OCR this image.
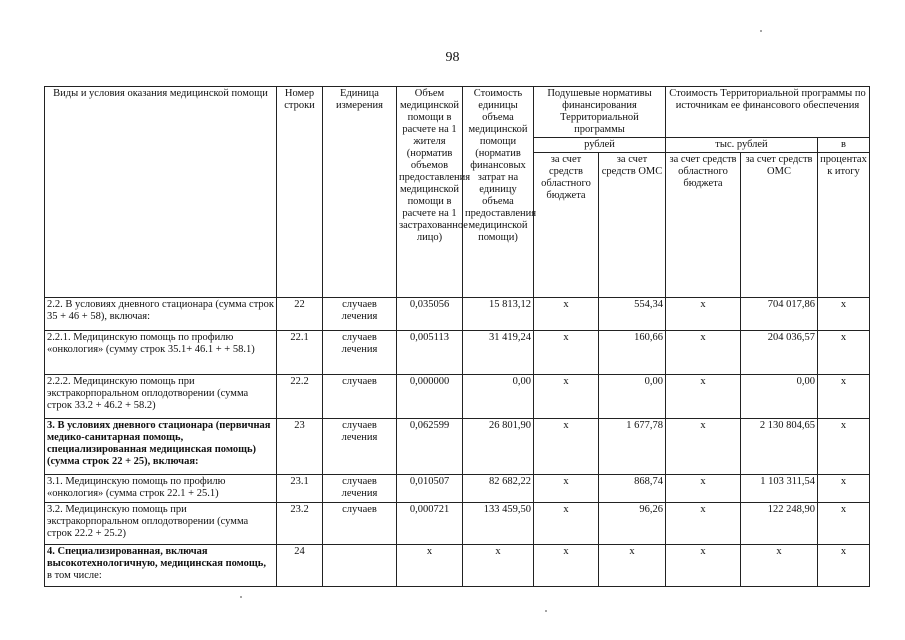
98
Виды и условия оказания медицинской помощи	Номер строки	Единица измерения	Объем медицинской помощи в расчете на 1 жителя (норматив объемов предоставления медицинской помощи в расчете на 1 застрахованное лицо)	Стоимость единицы объема медицинской помощи (норматив финансовых затрат на единицу объема предоставления медицинской помощи)	Подушевые нормативы финансирования Территориальной программы		Стоимость Территориальной программы по источникам ее финансового обеспечения		
					рублей		тыс. рублей		в
					за счет средств областного бюджета	за счет средств ОМС	за счет средств областного бюджета	за счет средств ОМС	процентах к итогу
2.2. В условиях дневного стационара (сумма строк 35 + 46 + 58), включая:	22	случаев лечения	0,035056	15 813,12	х	554,34	х	704 017,86	х
2.2.1. Медицинскую помощь по профилю «онкология» (сумму строк 35.1+ 46.1 + + 58.1)	22.1	случаев лечения	0,005113	31 419,24	х	160,66	х	204 036,57	х
2.2.2. Медицинскую помощь при экстракорпоральном оплодотворении (сумма строк 33.2 + 46.2 + 58.2)	22.2	случаев	0,000000	0,00	х	0,00	х	0,00	х
3. В условиях дневного стационара (первичная медико-санитарная помощь, специализированная медицинская помощь) (сумма строк 22 + 25), включая:	23	случаев лечения	0,062599	26 801,90	х	1 677,78	х	2 130 804,65	х
3.1. Медицинскую помощь по профилю «онкология» (сумма строк 22.1 + 25.1)	23.1	случаев лечения	0,010507	82 682,22	х	868,74	х	1 103 311,54	х
3.2. Медицинскую помощь при экстракорпоральном оплодотворении (сумма строк 22.2 + 25.2)	23.2	случаев	0,000721	133 459,50	х	96,26	х	122 248,90	х
4. Специализированная, включая высокотехнологичную, медицинская помощь,
в том числе:	24		х	х	х	х	х	х	х
